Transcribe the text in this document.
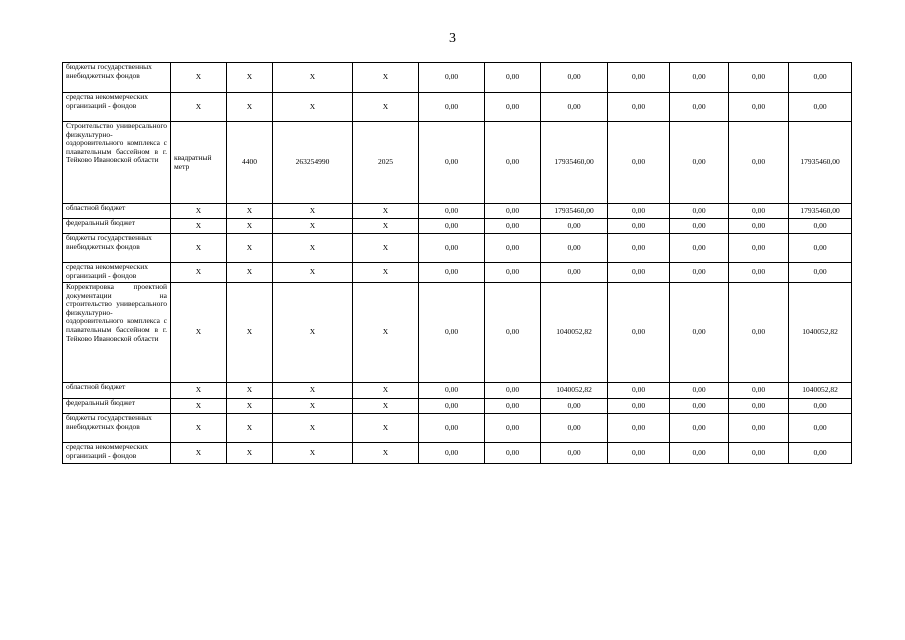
3
бюджеты государственных внебюджетных фондов	X	X	X	X	0,00	0,00	0,00	0,00	0,00	0,00	0,00
средства некоммерческих организаций - фондов	X	X	X	X	0,00	0,00	0,00	0,00	0,00	0,00	0,00
Строительство универсального физкультурно-оздоровительного комплекса с плавательным бассейном в г. Тейково Ивановской области	квадратный метр	4400	263254990	2025	0,00	0,00	17935460,00	0,00	0,00	0,00	17935460,00
областной бюджет	X	X	X	X	0,00	0,00	17935460,00	0,00	0,00	0,00	17935460,00
федеральный бюджет	X	X	X	X	0,00	0,00	0,00	0,00	0,00	0,00	0,00
бюджеты государственных внебюджетных фондов	X	X	X	X	0,00	0,00	0,00	0,00	0,00	0,00	0,00
средства некоммерческих организаций - фондов	X	X	X	X	0,00	0,00	0,00	0,00	0,00	0,00	0,00
Корректировка проектной документации на строительство универсального физкультурно-оздоровительного комплекса с плавательным бассейном в г. Тейково Ивановской области	X	X	X	X	0,00	0,00	1040052,82	0,00	0,00	0,00	1040052,82
областной бюджет	X	X	X	X	0,00	0,00	1040052,82	0,00	0,00	0,00	1040052,82
федеральный бюджет	X	X	X	X	0,00	0,00	0,00	0,00	0,00	0,00	0,00
бюджеты государственных внебюджетных фондов	X	X	X	X	0,00	0,00	0,00	0,00	0,00	0,00	0,00
средства некоммерческих организаций - фондов	X	X	X	X	0,00	0,00	0,00	0,00	0,00	0,00	0,00
